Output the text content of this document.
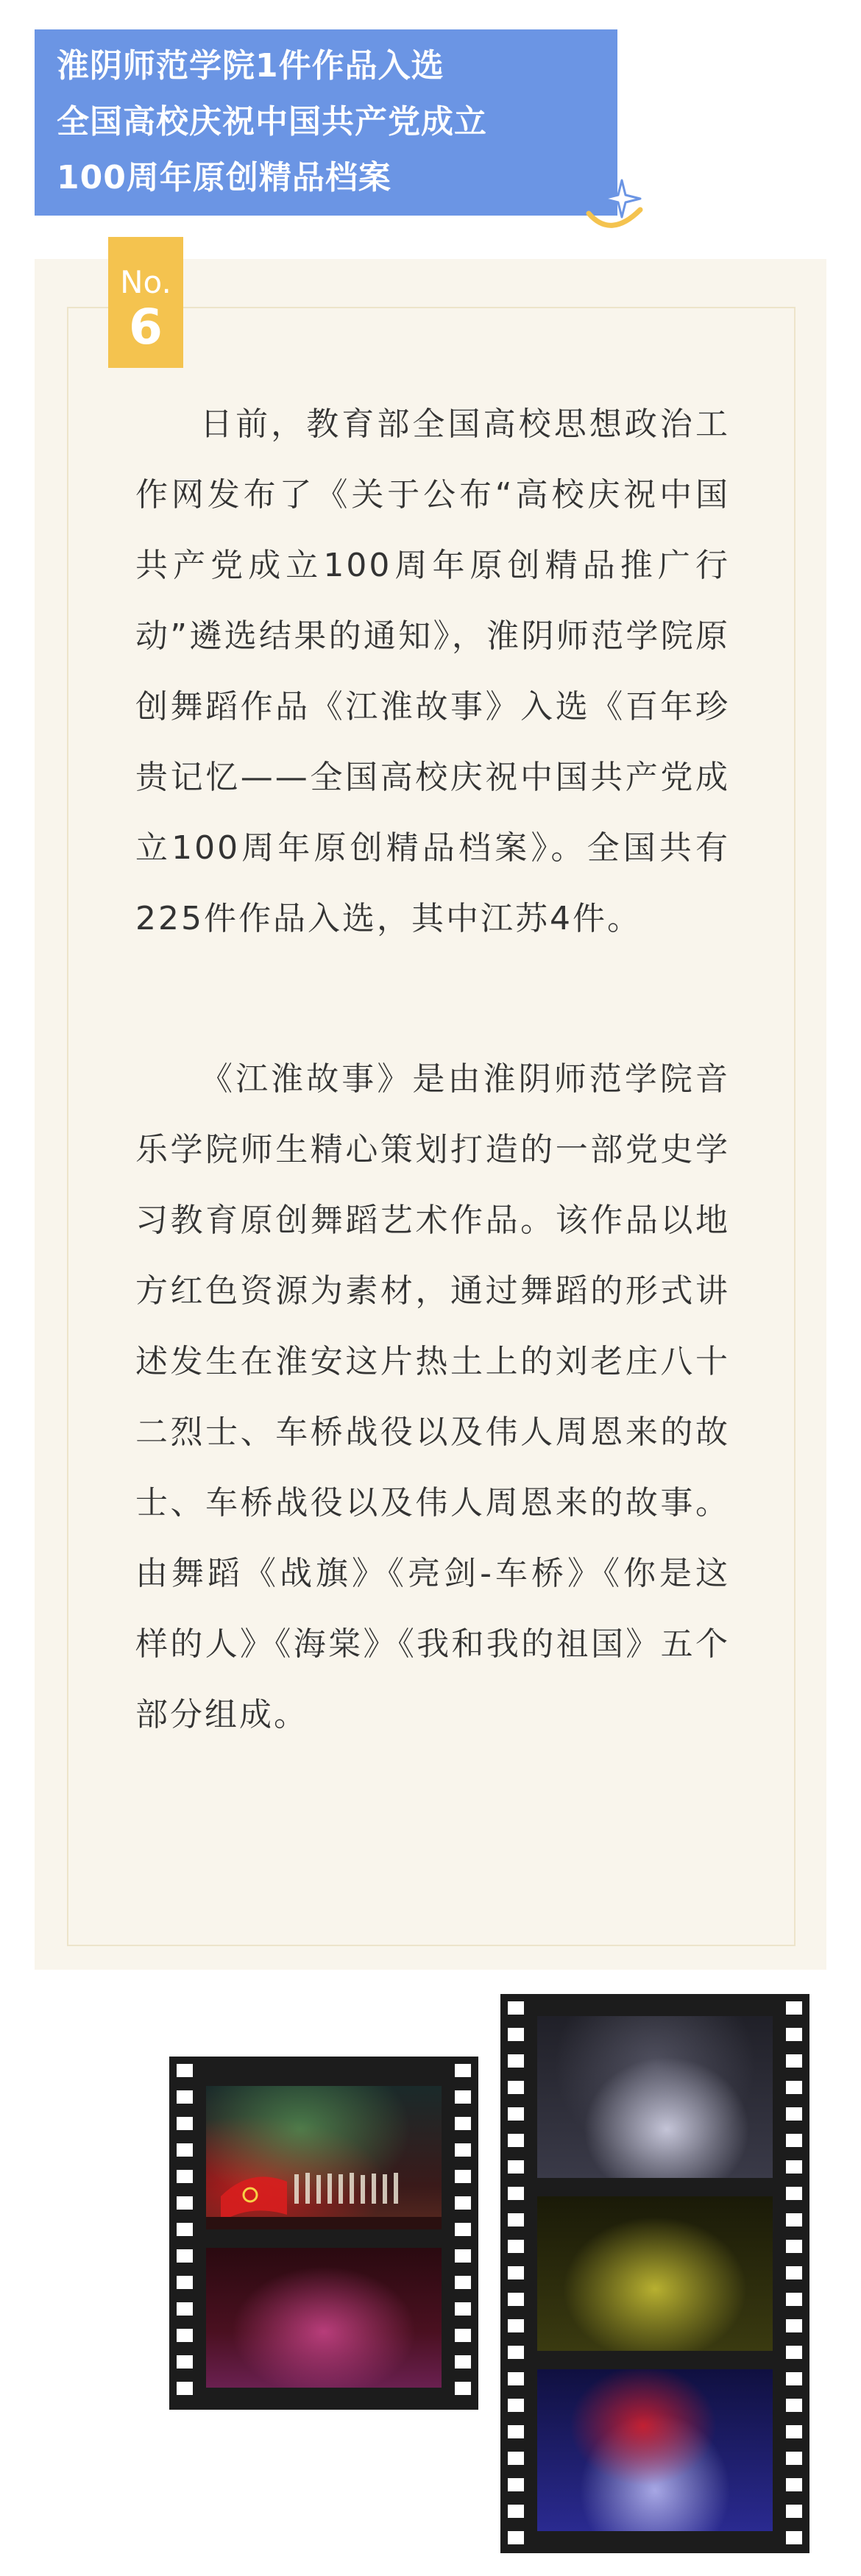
淮阴师范学院1件作品入选
全国高校庆祝中国共产党成立
100周年原创精品档案
No.
6

日前，教育部全国高校思想政治工作网发布了《关于公布“高校庆祝中国共产党成立100周年原创精品推广行动”遴选结果的通知》，淮阴师范学院原创舞蹈作品《江淮故事》入选《百年珍贵记忆——全国高校庆祝中国共产党成立100周年原创精品档案》。全国共有225件作品入选，其中江苏4件。

《江淮故事》是由淮阴师范学院音乐学院师生精心策划打造的一部党史学习教育原创舞蹈艺术作品。该作品以地方红色资源为素材，通过舞蹈的形式讲述发生在淮安这片热土上的刘老庄八十二烈士、车桥战役以及伟人周恩来的故士、车桥战役以及伟人周恩来的故事。由舞蹈《战旗》《亮剑-车桥》《你是这样的人》《海棠》《我和我的祖国》五个部分组成。
